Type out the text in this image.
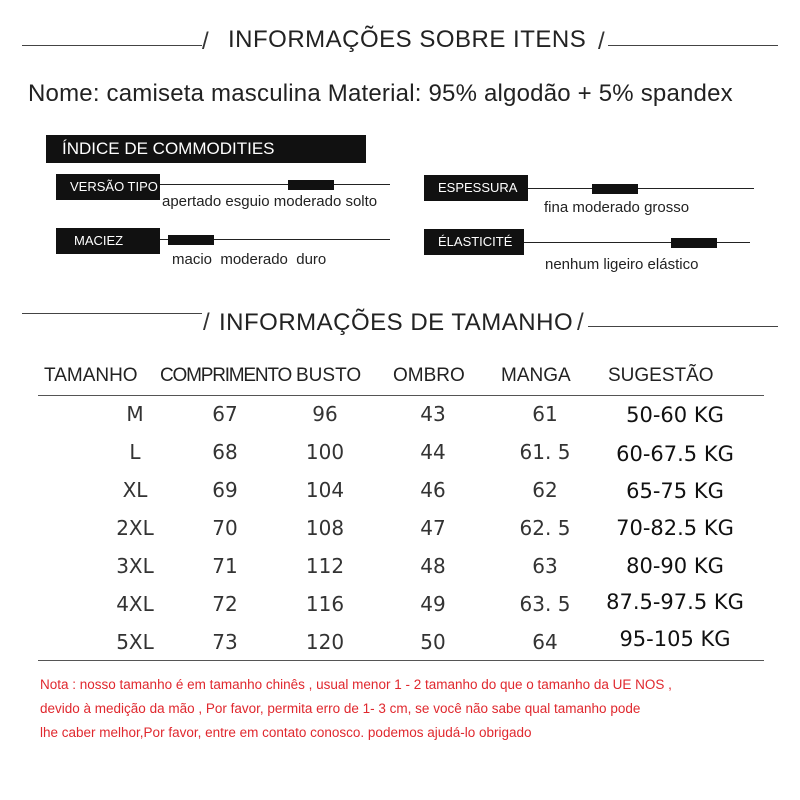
/ INFORMAÇÕES SOBRE ITENS /
Nome: camiseta masculina Material: 95% algodão + 5% spandex
ÍNDICE DE COMMODITIES
VERSÃO TIPO
apertado esguio moderado solto
ESPESSURA
fina moderado grosso
MACIEZ
macio  moderado  duro
ÉLASTICITÉ
nenhum ligeiro elástico
/ INFORMAÇÕES DE TAMANHO /
TAMANHO COMPRIMENTO BUSTO OMBRO MANGA SUGESTÃO
M	67	96	43	61	50-60 KG
L	68	100	44	61. 5	60-67.5 KG
XL	69	104	46	62	65-75 KG
2XL	70	108	47	62. 5	70-82.5 KG
3XL	71	112	48	63	80-90 KG
4XL	72	116	49	63. 5	87.5-97.5 KG
5XL	73	120	50	64	95-105 KG
Nota : nosso tamanho é em tamanho chinês , usual menor 1 - 2 tamanho do que o tamanho da UE NOS ,
devido à medição da mão , Por favor, permita erro de 1- 3 cm, se você não sabe qual tamanho pode
lhe caber melhor,Por favor, entre em contato conosco. podemos ajudá-lo obrigado
